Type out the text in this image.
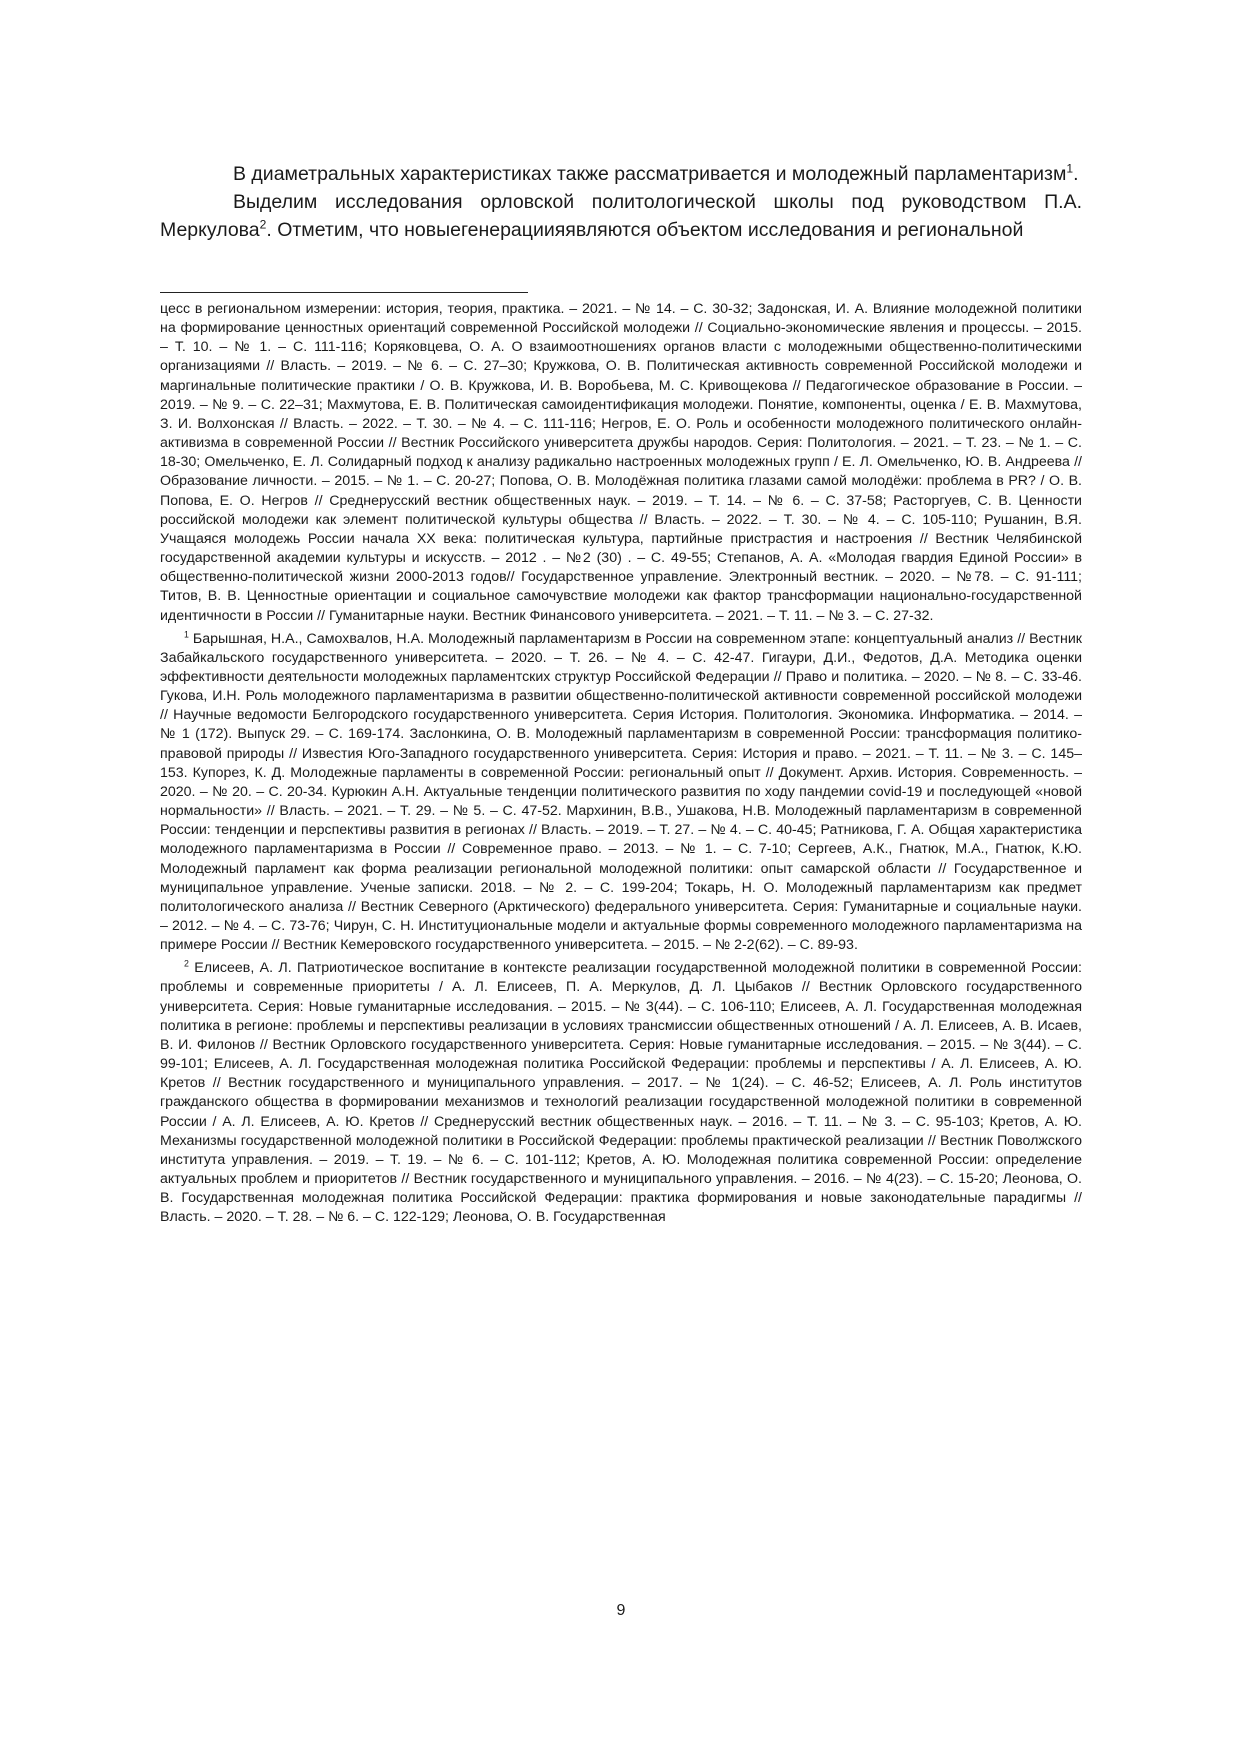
В диаметральных характеристиках также рассматривается и молодежный парламентаризм$^1$.

Выделим исследования орловской политологической школы под руководством П.А. Меркулова$^2$. Отметим, что новыегенерациияявляются объектом исследования и региональной

цесс в региональном измерении: история, теория, практика. – 2021. – № 14. – С. 30-32; Задонская, И. А. Влияние молодежной политики на формирование ценностных ориентаций современной Российской молодежи // Социально-экономические явления и процессы. – 2015. – Т. 10. – № 1. – С. 111-116; Коряковцева, О. А. О взаимоотношениях органов власти с молодежными общественно-политическими организациями // Власть. – 2019. – № 6. – С. 27–30; Кружкова, О. В. Политическая активность современной Российской молодежи и маргинальные политические практики / О. В. Кружкова, И. В. Воробьева, М. С. Кривощекова // Педагогическое образование в России. – 2019. – № 9. – С. 22–31; Махмутова, Е. В. Политическая самоидентификация молодежи. Понятие, компоненты, оценка / Е. В. Махмутова, З. И. Волхонская // Власть. – 2022. – Т. 30. – № 4. – С. 111-116; Негров, Е. О. Роль и особенности молодежного политического онлайн-активизма в современной России // Вестник Российского университета дружбы народов. Серия: Политология. – 2021. – Т. 23. – № 1. – С. 18-30; Омельченко, Е. Л. Солидарный подход к анализу радикально настроенных молодежных групп / Е. Л. Омельченко, Ю. В. Андреева // Образование личности. – 2015. – № 1. – С. 20-27; Попова, О. В. Молодёжная политика глазами самой молодёжи: проблема в PR? / О. В. Попова, Е. О. Негров // Среднерусский вестник общественных наук. – 2019. – Т. 14. – № 6. – С. 37-58; Расторгуев, С. В. Ценности российской молодежи как элемент политической культуры общества // Власть. – 2022. – Т. 30. – № 4. – С. 105-110; Рушанин, В.Я. Учащаяся молодежь России начала XX века: политическая культура, партийные пристрастия и настроения // Вестник Челябинской государственной академии культуры и искусств. – 2012 . – №2 (30) . – С. 49-55; Степанов, А. А. «Молодая гвардия Единой России» в общественно-политической жизни 2000-2013 годов// Государственное управление. Электронный вестник. – 2020. – №78. – С. 91-111; Титов, В. В. Ценностные ориентации и социальное самочувствие молодежи как фактор трансформации национально-государственной идентичности в России // Гуманитарные науки. Вестник Финансового университета. – 2021. – Т. 11. – № 3. – С. 27-32.

$^1$ Барышная, Н.А., Самохвалов, Н.А. Молодежный парламентаризм в России на современном этапе: концептуальный анализ // Вестник Забайкальского государственного университета. – 2020. – Т. 26. – № 4. – С. 42-47. Гигаури, Д.И., Федотов, Д.А. Методика оценки эффективности деятельности молодежных парламентских структур Российской Федерации // Право и политика. – 2020. – № 8. – С. 33-46. Гукова, И.Н. Роль молодежного парламентаризма в развитии общественно-политической активности современной российской молодежи // Научные ведомости Белгородского государственного университета. Серия История. Политология. Экономика. Информатика. – 2014. – № 1 (172). Выпуск 29. – С. 169-174. Заслонкина, О. В. Молодежный парламентаризм в современной России: трансформация политико-правовой природы // Известия Юго-Западного государственного университета. Серия: История и право. – 2021. – Т. 11. – № 3. – С. 145–153. Купорез, К. Д. Молодежные парламенты в современной России: региональный опыт // Документ. Архив. История. Современность. – 2020. – № 20. – С. 20-34. Курюкин А.Н. Актуальные тенденции политического развития по ходу пандемии covid-19 и последующей «новой нормальности» // Власть. – 2021. – Т. 29. – № 5. – С. 47-52. Мархинин, В.В., Ушакова, Н.В. Молодежный парламентаризм в современной России: тенденции и перспективы развития в регионах // Власть. – 2019. – Т. 27. – № 4. – С. 40-45; Ратникова, Г. А. Общая характеристика молодежного парламентаризма в России // Современное право. – 2013. – № 1. – С. 7-10; Сергеев, А.К., Гнатюк, М.А., Гнатюк, К.Ю. Молодежный парламент как форма реализации региональной молодежной политики: опыт самарской области // Государственное и муниципальное управление. Ученые записки. 2018. – № 2. – С. 199-204; Токарь, Н. О. Молодежный парламентаризм как предмет политологического анализа // Вестник Северного (Арктического) федерального университета. Серия: Гуманитарные и социальные науки. – 2012. – № 4. – С. 73-76; Чирун, С. Н. Институциональные модели и актуальные формы современного молодежного парламентаризма на примере России // Вестник Кемеровского государственного университета. – 2015. – № 2-2(62). – С. 89-93.

$^2$ Елисеев, А. Л. Патриотическое воспитание в контексте реализации государственной молодежной политики в современной России: проблемы и современные приоритеты / А. Л. Елисеев, П. А. Меркулов, Д. Л. Цыбаков // Вестник Орловского государственного университета. Серия: Новые гуманитарные исследования. – 2015. – № 3(44). – С. 106-110; Елисеев, А. Л. Государственная молодежная политика в регионе: проблемы и перспективы реализации в условиях трансмиссии общественных отношений / А. Л. Елисеев, А. В. Исаев, В. И. Филонов // Вестник Орловского государственного университета. Серия: Новые гуманитарные исследования. – 2015. – № 3(44). – С. 99-101; Елисеев, А. Л. Государственная молодежная политика Российской Федерации: проблемы и перспективы / А. Л. Елисеев, А. Ю. Кретов // Вестник государственного и муниципального управления. – 2017. – № 1(24). – С. 46-52; Елисеев, А. Л. Роль институтов гражданского общества в формировании механизмов и технологий реализации государственной молодежной политики в современной России / А. Л. Елисеев, А. Ю. Кретов // Среднерусский вестник общественных наук. – 2016. – Т. 11. – № 3. – С. 95-103; Кретов, А. Ю. Механизмы государственной молодежной политики в Российской Федерации: проблемы практической реализации // Вестник Поволжского института управления. – 2019. – Т. 19. – № 6. – С. 101-112; Кретов, А. Ю. Молодежная политика современной России: определение актуальных проблем и приоритетов // Вестник государственного и муниципального управления. – 2016. – № 4(23). – С. 15-20; Леонова, О. В. Государственная молодежная политика Российской Федерации: практика формирования и новые законодательные парадигмы // Власть. – 2020. – Т. 28. – № 6. – С. 122-129; Леонова, О. В. Государственная

9
